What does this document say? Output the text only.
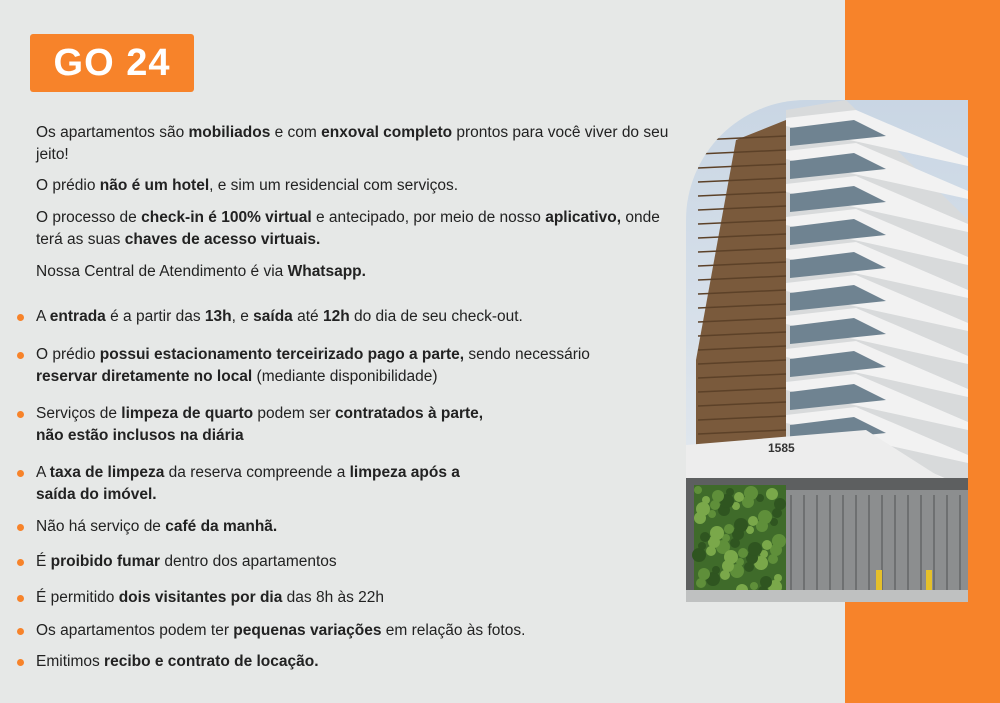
GO 24

Os apartamentos são mobiliados e com enxoval completo prontos para você viver do seu jeito!

O prédio não é um hotel, e sim um residencial com serviços.

O processo de check-in é 100% virtual e antecipado, por meio de nosso aplicativo, onde terá as suas chaves de acesso virtuais.

Nossa Central de Atendimento é via Whatsapp.

A entrada é a partir das 13h, e saída até 12h do dia de seu check-out.

O prédio possui estacionamento terceirizado pago a parte, sendo necessário reservar diretamente no local (mediante disponibilidade)

Serviços de limpeza de quarto podem ser contratados à parte,
não estão inclusos na diária

A taxa de limpeza da reserva compreende a limpeza após a
saída do imóvel.

Não há serviço de café da manhã.

É proibido fumar dentro dos apartamentos

É permitido dois visitantes por dia das 8h às 22h

Os apartamentos podem ter pequenas variações em relação às fotos.

Emitimos recibo e contrato de locação.

1585
